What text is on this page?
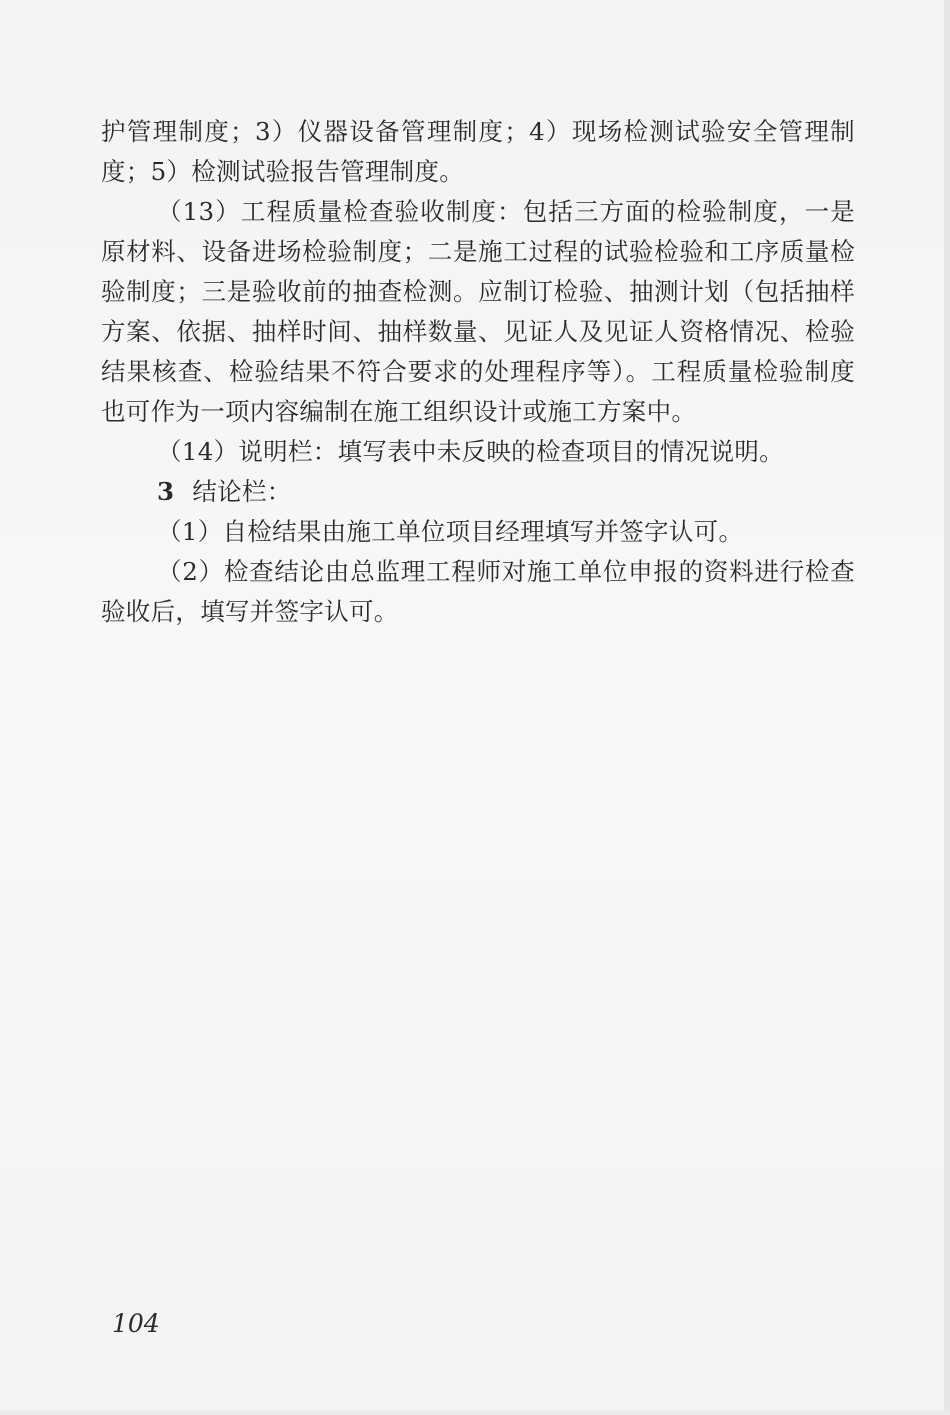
护管理制度；3）仪器设备管理制度；4）现场检测试验安全管理制度；5）检测试验报告管理制度。

（13）工程质量检查验收制度：包括三方面的检验制度，一是原材料、设备进场检验制度；二是施工过程的试验检验和工序质量检验制度；三是验收前的抽查检测。应制订检验、抽测计划（包括抽样方案、依据、抽样时间、抽样数量、见证人及见证人资格情况、检验结果核查、检验结果不符合要求的处理程序等）。工程质量检验制度也可作为一项内容编制在施工组织设计或施工方案中。

（14）说明栏：填写表中未反映的检查项目的情况说明。

3 结论栏：

（1）自检结果由施工单位项目经理填写并签字认可。

（2）检查结论由总监理工程师对施工单位申报的资料进行检查验收后，填写并签字认可。

104
